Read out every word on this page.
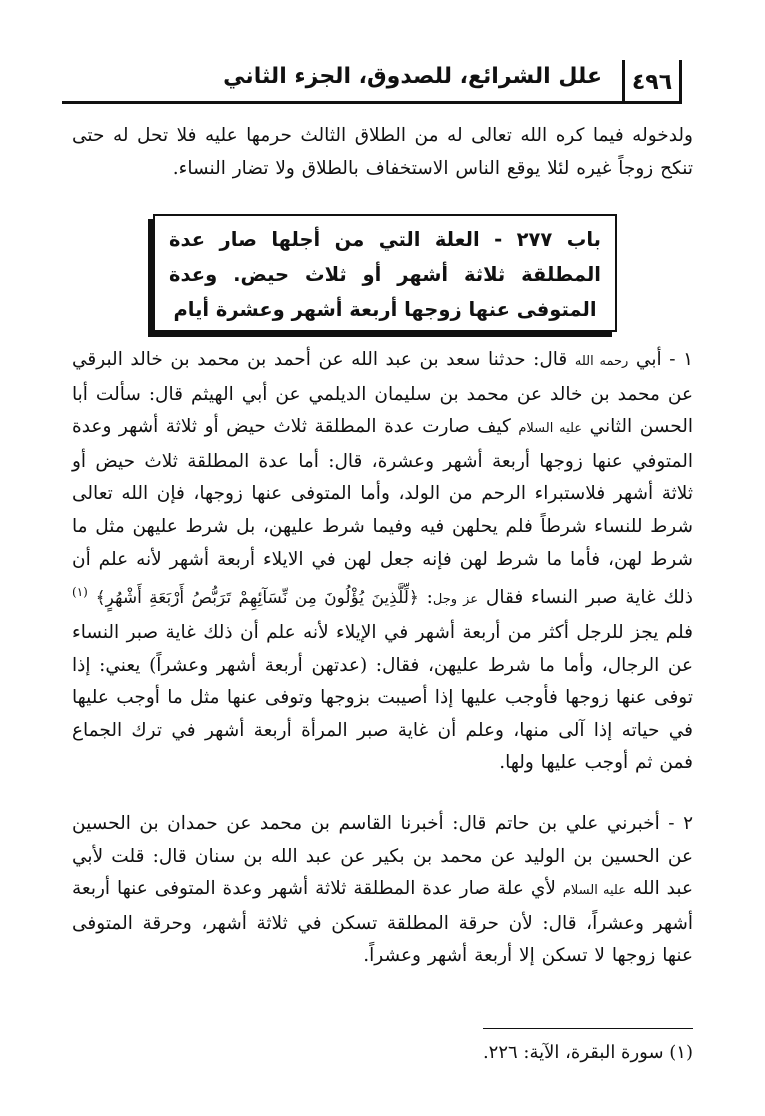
٤٩٦
علل الشرائع، للصدوق، الجزء الثاني

ولدخوله فيما كره الله تعالى له من الطلاق الثالث حرمها عليه فلا تحل له حتى تنكح زوجاً غيره لئلا يوقع الناس الاستخفاف بالطلاق ولا تضار النساء.

باب ٢٧٧ - العلة التي من أجلها صار عدة المطلقة ثلاثة أشهر أو ثلاث حيض. وعدة المتوفى عنها زوجها أربعة أشهر وعشرة أيام

١ - أبي رحمه الله قال: حدثنا سعد بن عبد الله عن أحمد بن محمد بن خالد البرقي عن محمد بن خالد عن محمد بن سليمان الديلمي عن أبي الهيثم قال: سألت أبا الحسن الثاني عليه السلام كيف صارت عدة المطلقة ثلاث حيض أو ثلاثة أشهر وعدة المتوفي عنها زوجها أربعة أشهر وعشرة، قال: أما عدة المطلقة ثلاث حيض أو ثلاثة أشهر فلاستبراء الرحم من الولد، وأما المتوفى عنها زوجها، فإن الله تعالى شرط للنساء شرطاً فلم يحلهن فيه وفيما شرط عليهن، بل شرط عليهن مثل ما شرط لهن، فأما ما شرط لهن فإنه جعل لهن في الايلاء أربعة أشهر لأنه علم أن ذلك غاية صبر النساء فقال عز وجل: ﴿لِّلَّذِينَ يُؤْلُونَ مِن نِّسَآئِهِمْ تَرَبُّصُ أَرْبَعَةِ أَشْهُرٍ﴾ $^{(١)}$ فلم يجز للرجل أكثر من أربعة أشهر في الإيلاء لأنه علم أن ذلك غاية صبر النساء عن الرجال، وأما ما شرط عليهن، فقال: (عدتهن أربعة أشهر وعشراً) يعني: إذا توفى عنها زوجها فأوجب عليها إذا أصيبت بزوجها وتوفى عنها مثل ما أوجب عليها في حياته إذا آلى منها، وعلم أن غاية صبر المرأة أربعة أشهر في ترك الجماع فمن ثم أوجب عليها ولها.

٢ - أخبرني علي بن حاتم قال: أخبرنا القاسم بن محمد عن حمدان بن الحسين عن الحسين بن الوليد عن محمد بن بكير عن عبد الله بن سنان قال: قلت لأبي عبد الله عليه السلام لأي علة صار عدة المطلقة ثلاثة أشهر وعدة المتوفى عنها أربعة أشهر وعشراً، قال: لأن حرقة المطلقة تسكن في ثلاثة أشهر، وحرقة المتوفى عنها زوجها لا تسكن إلا أربعة أشهر وعشراً.

(١) سورة البقرة، الآية: ٢٢٦.
